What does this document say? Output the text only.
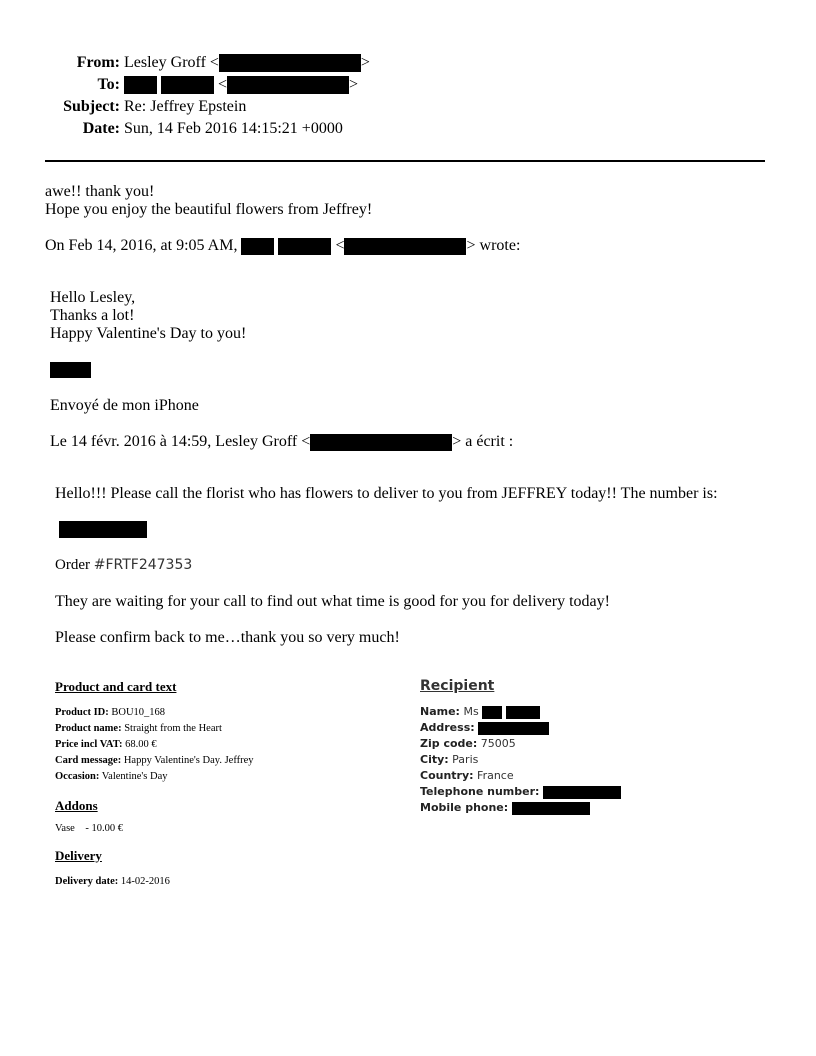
From: Lesley Groff <	>
To:	<	>
Subject: Re: Jeffrey Epstein
Date: Sun, 14 Feb 2016 14:15:21 +0000
awe!! thank you!
Hope you enjoy the beautiful flowers from Jeffrey!
On Feb 14, 2016, at 9:05 AM,	<	> wrote:
Hello Lesley,
Thanks a lot!
Happy Valentine's Day to you!
Envoyé de mon iPhone
Le 14 févr. 2016 à 14:59, Lesley Groff <	> a écrit :
Hello!!! Please call the florist who has flowers to deliver to you from JEFFREY today!! The number is:
Order #FRTF247353
They are waiting for your call to find out what time is good for you for delivery today!
Please confirm back to me…thank you so very much!
Product and card text
Product ID: BOU10_168
Product name: Straight from the Heart
Price incl VAT: 68.00 €
Card message: Happy Valentine's Day. Jeffrey
Occasion: Valentine's Day
Addons
Vase    - 10.00 €
Delivery
Delivery date: 14-02-2016
Recipient
Name: Ms
Address:
Zip code: 75005
City: Paris
Country: France
Telephone number:
Mobile phone:
